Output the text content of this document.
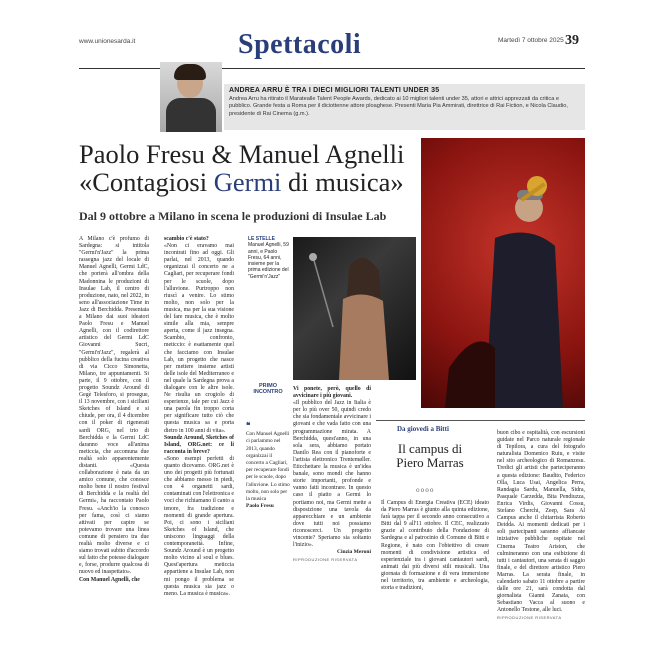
www.unionesarda.it	Spettacoli	Martedì 7 ottobre 2025 39
ANDREA ARRU È TRA I DIECI MIGLIORI TALENTI UNDER 35
Andrea Arru ha ritirato il Maratealle Talent People Awards, dedicato ai 10 migliori talenti under 35, attori e attrici apprezzati da critica e pubblico. Grande festa a Roma per il diciottenne attore ploaghese. Presenti Maria Pia Ammirati, direttrice di Rai Fiction, e Nicola Claudio, presidente di Rai Cinema (g.m.).
Paolo Fresu & Manuel Agnelli
«Contagiosi Germi di musica»
Dal 9 ottobre a Milano in scena le produzioni di Insulae Lab
A Milano c'è profumo di Sardegna: si intitola "Germi'n'Jazz" la prima rassegna jazz del locale di Manuel Agnelli, Germi LdC, che porterà all'ombra della Madonnina le produzioni di Insulae Lab, il centro di produzione, nato, nel 2022, in seno all'associazione Time in Jazz di Berchidda. Presentata a Milano dai suoi ideatori Paolo Fresu e Manuel Agnelli, con il codirettore artistico del Germi LdC Giovanni Sucri, "Germi'n'Jazz", regalerà al pubblico della fucina creativa di via Cicco Simonetta, Milano, tre appuntamenti. Si parte, il 9 ottobre, con il progetto Soundz Around di Gegè Telesforo, si prosegue, il 13 novembre, con i siciliani Sketches of Island e si chiude, per ora, il 4 dicembre con il poker di rigenerati sardi ORG, nel trio di Berchidda e la Germi LdC daranno voce all'anima meticcia, che accomuna due realtà solo apparentemente distanti. «Questa collaborazione è nata da un amico comune, che conosce molto bene il nostro festival di Berchidda e la realtà del Germi», ha raccontato Paolo Fresu. «Anch'io la conosco per fama, così ci siamo attivati per capire se potevamo trovare una linea comune di pensiero tra due realtà molto diverse e ci siamo trovati subito d'accordo sul fatto che potesse dialogare e, forse, produrre qualcosa di nuovo ed inaspettato».

Con Manuel Agnelli, che
scambio c'è stato?
«Non ci eravamo mai incontrati fino ad oggi. Gli parlai, nel 2013, quando organizzai il concerto ne a Cagliari, per recuperare fondi per le scuole, dopo l'alluvione. Purtroppo non riuscì a venire. Lo stimo molto, non solo per la musica, ma per la sua visione del fare musica, che è molto simile alla mia, sempre aperta, come il jazz insegna. Scambio, confronto, meticcio: è esattamente quel che facciamo con Insulae Lab, un progetto che nasce per mettere insieme artisti delle isole del Mediterraneo e nel quale la Sardegna prova a dialogare con le altre isole. Ne risulta un crogiolo di esperienze, tale per cui Jazz è una parola fin troppo corta per significare tutto ciò che questa musica sa e porta dietro in 100 anni di vita».

Soundz Around, Sketches of Island, ORG.net: ce li racconta in breve?
«Sono esempi perfetti di quanto dicevamo. ORG.net è uno dei progetti più fortunati che abbiamo messo in piedi, con 4 organetti sardi, contaminati con l'elettronica e voci che richiamano il canto a tenore, fra tradizione e momenti di grande apertura. Poi, ci sono i siciliani Sketches of Island, che uniscono linguaggi della contemporaneità. Infine, Soundz Around è un progetto molto vicino al soul e blues. Quest'apertura meticcia appartiene a Insulae Lab, non mi pongo il problema se questa musica sia jazz o meno. La musica è musica».
LE STELLE
Manuel Agnelli, 59 anni, e Paolo Fresu, 64 anni, insieme per la prima edizione del "Germi'n'Jazz"
PRIMO INCONTRO
❝
Con Manuel Agnelli ci parlammo nel 2013, quando organizzai il concerto a Cagliari, per recuperare fondi per le scuole, dopo l'alluvione. Lo stimo molto, non solo per la musica
Paolo Fresu
Vi ponete, però, quello di avvicinare i più giovani.
«Il pubblico del Jazz in Italia è per lo più over 50, quindi credo che sia fondamentale avvicinare i giovani e che vada fatto con una programmazione mirata. A Berchidda, quest'anno, in una sola sera, abbiamo portato Danilo Rea con il pianoforte e l'artista elettronico Trentemøller. Eticchettare la musica è un'idea banale, sono mondi che hanno storie importanti, profonde e vanno fatti incontrare. In questo caso il piatto a Germi lo portiamo noi, ma Germi mette a disposizione una tavola da apparecchiare e un ambiente dove tutti noi possiamo riconoscerci. Un progetto vincente? Speriamo sia soltanto l'inizio».

Cinzia Meroni

RIPRODUZIONE RISERVATA
Da giovedì a Bitti
Il campus di Piero Marras
oooo
Il Campus di Energia Creativa (ECE) ideato da Piero Marras è giunto alla quinta edizione, farà tappa per il secondo anno consecutivo a Bitti dal 9 all'11 ottobre. Il CEC, realizzato grazie al contributo della Fondazione di Sardegna e al patrocinio di Comune di Bitti e Regione, è nato con l'obiettivo di creare momenti di condivisione artistica ed esperienziale tra i giovani cantautori sardi, animati dai più diversi stili musicali. Una giornata di formazione e di vera immersione nel territorio, tra ambiente e archeologia, storia e tradizioni,
buon cibo e ospitalità, con escursioni guidate nel Parco naturale regionale di Tepilora, a cura del fotografo naturalista Domenico Ruiu, e visite nel sito archeologico di Romanzesu. Tredici gli artisti che parteciperanno a questa edizione: Baudito, Federico Olla, Luca Usai, Angelica Perra, Randagia Sardu, Manuella, Sidra, Pasquale Carzedda, Bita Pendiuzza, Enrica Virdis, Giovanni Cossu, Stefano Cherchi, Zeep, Sara Al Campus anche il chitarrista Roberto Deidda. Ai momenti dedicati per i soli partecipanti saranno affiancate iniziative pubbliche ospitate nel Cinema Teatro Ariston, che culmineranno con una esibizione di tutti i cantautori, una serata di saggio finale, e del direttore artistico Piero Marras. La serata finale, in calendario sabato 11 ottobre a partire dalle ore 21, sarà condotta dal giornalista Gianni Zanata, con Sebastiano Vacca al suono e Antonello Testone, alle luci.
RIPRODUZIONE RISERVATA
